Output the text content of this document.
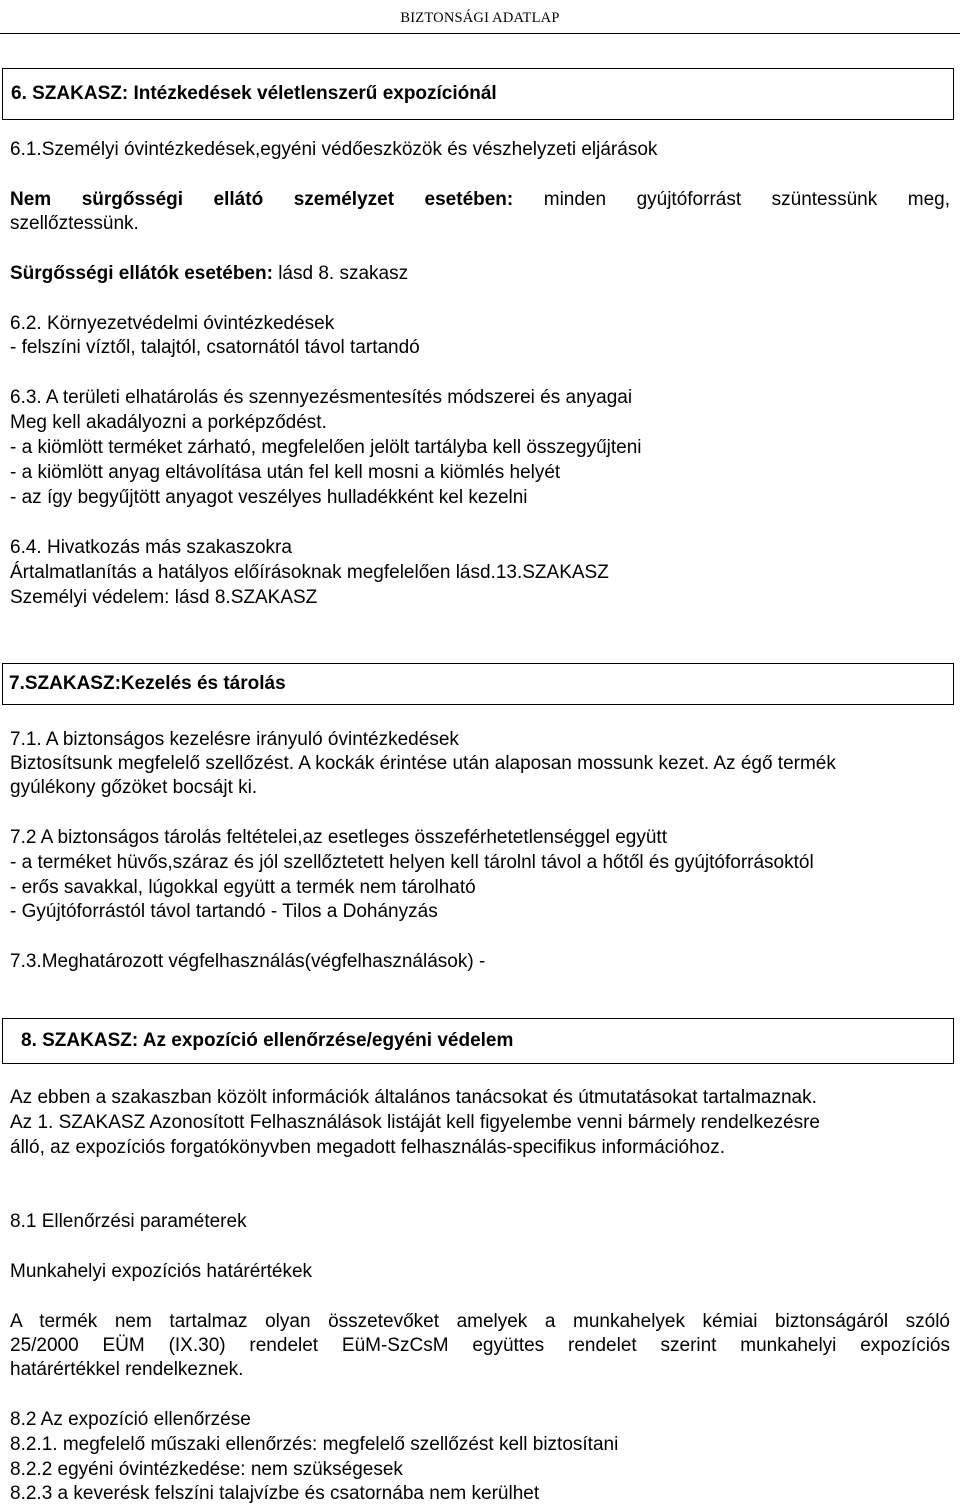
BIZTONSÁGI ADATLAP
6. SZAKASZ: Intézkedések véletlenszerű expozíciónál
6.1.Személyi óvintézkedések,egyéni védőeszközök és vészhelyzeti eljárások
Nem sürgősségi ellátó személyzet esetében: minden gyújtóforrást szüntessünk meg,
szellőztessünk.
Sürgősségi ellátók esetében: lásd 8. szakasz
6.2. Környezetvédelmi óvintézkedések
- felszíni víztől, talajtól, csatornától távol tartandó
6.3. A területi elhatárolás és szennyezésmentesítés módszerei és anyagai
Meg kell akadályozni a porképződést.
- a kiömlött terméket zárható, megfelelően jelölt tartályba kell összegyűjteni
- a kiömlött anyag eltávolítása után fel kell mosni a kiömlés helyét
- az így begyűjtött anyagot veszélyes hulladékként kel kezelni
6.4. Hivatkozás más szakaszokra
Ártalmatlanítás a hatályos előírásoknak megfelelően lásd.13.SZAKASZ
Személyi védelem: lásd 8.SZAKASZ
7.SZAKASZ:Kezelés és tárolás
7.1. A biztonságos kezelésre irányuló óvintézkedések
Biztosítsunk megfelelő szellőzést. A kockák érintése után alaposan mossunk kezet. Az égő termék
gyúlékony gőzöket bocsájt ki.
7.2 A biztonságos tárolás feltételei,az esetleges összeférhetetlenséggel együtt
- a terméket hüvős,száraz és jól szellőztetett helyen kell tárolnl távol a hőtől és gyújtóforrásoktól
- erős savakkal, lúgokkal együtt a termék nem tárolható
- Gyújtóforrástól távol tartandó - Tilos a Dohányzás
7.3.Meghatározott végfelhasználás(végfelhasználások) -
8. SZAKASZ: Az expozíció ellenőrzése/egyéni védelem
Az ebben a szakaszban közölt információk általános tanácsokat és útmutatásokat tartalmaznak.
Az 1. SZAKASZ Azonosított Felhasználások listáját kell figyelembe venni bármely rendelkezésre
álló, az expozíciós forgatókönyvben megadott felhasználás-specifikus információhoz.
8.1 Ellenőrzési paraméterek
Munkahelyi expozíciós határértékek
A termék nem tartalmaz olyan összetevőket amelyek a munkahelyek kémiai biztonságáról szóló
25/2000 EÜM (IX.30) rendelet EüM-SzCsM együttes rendelet szerint munkahelyi expozíciós
határértékkel rendelkeznek.
8.2 Az expozíció ellenőrzése
8.2.1. megfelelő műszaki ellenőrzés: megfelelő szellőzést kell biztosítani
8.2.2 egyéni óvintézkedése: nem szükségesek
8.2.3 a keverésk felszíni talajvízbe és csatornába nem kerülhet
